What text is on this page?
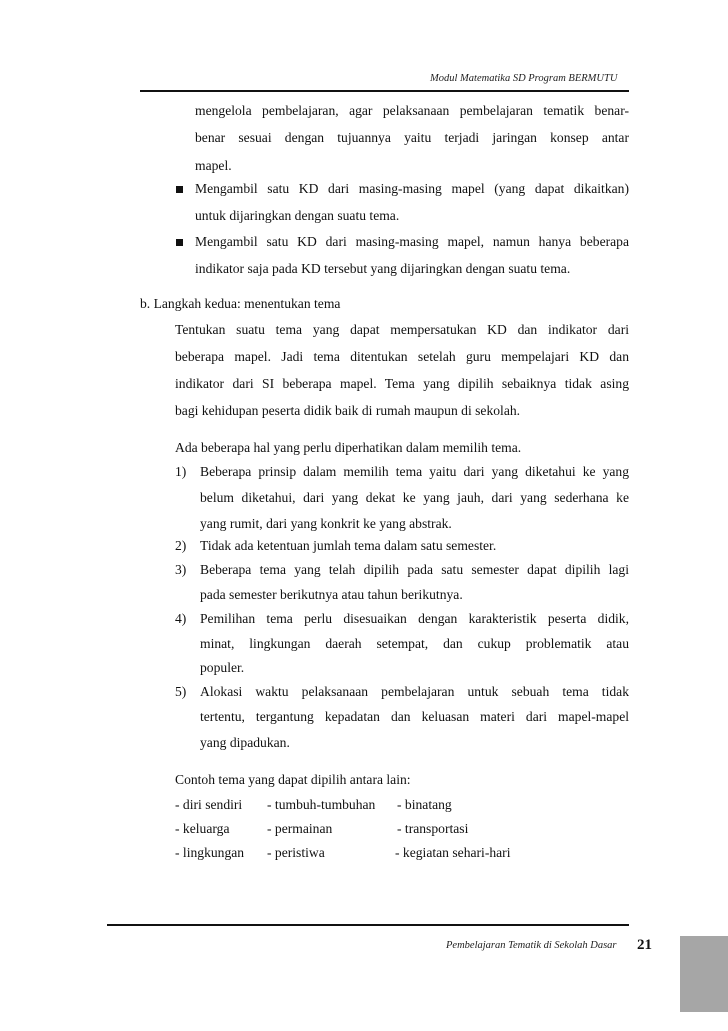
Modul Matematika SD Program BERMUTU
mengelola pembelajaran, agar pelaksanaan pembelajaran tematik benar-
benar sesuai dengan tujuannya yaitu terjadi jaringan konsep antar
mapel.
Mengambil satu KD dari masing-masing mapel (yang dapat dikaitkan)
untuk dijaringkan dengan suatu tema.
Mengambil satu KD dari masing-masing mapel, namun hanya beberapa
indikator saja pada KD tersebut yang dijaringkan dengan suatu tema.
b. Langkah kedua: menentukan tema
Tentukan suatu tema yang dapat mempersatukan KD dan indikator dari
beberapa mapel. Jadi tema ditentukan setelah guru mempelajari KD dan
indikator dari SI beberapa mapel. Tema yang dipilih sebaiknya tidak asing
bagi kehidupan peserta didik baik di rumah maupun di sekolah.
Ada beberapa hal yang perlu diperhatikan dalam memilih tema.
1) Beberapa prinsip dalam memilih tema yaitu dari yang diketahui ke yang
belum diketahui, dari yang dekat ke yang jauh, dari yang sederhana ke
yang rumit, dari yang konkrit ke yang abstrak.
2) Tidak ada ketentuan jumlah tema dalam satu semester.
3) Beberapa tema yang telah dipilih pada satu semester dapat dipilih lagi
pada semester berikutnya atau tahun berikutnya.
4) Pemilihan tema perlu disesuaikan dengan karakteristik peserta didik,
minat, lingkungan daerah setempat, dan cukup problematik atau
populer.
5) Alokasi waktu pelaksanaan pembelajaran untuk sebuah tema tidak
tertentu, tergantung kepadatan dan keluasan materi dari mapel-mapel
yang dipadukan.
Contoh tema yang dapat dipilih antara lain:
- diri sendiri - tumbuh-tumbuhan - binatang
- keluarga	- permainan	- transportasi
- lingkungan - peristiwa	- kegiatan sehari-hari
Pembelajaran Tematik di Sekolah Dasar 21
